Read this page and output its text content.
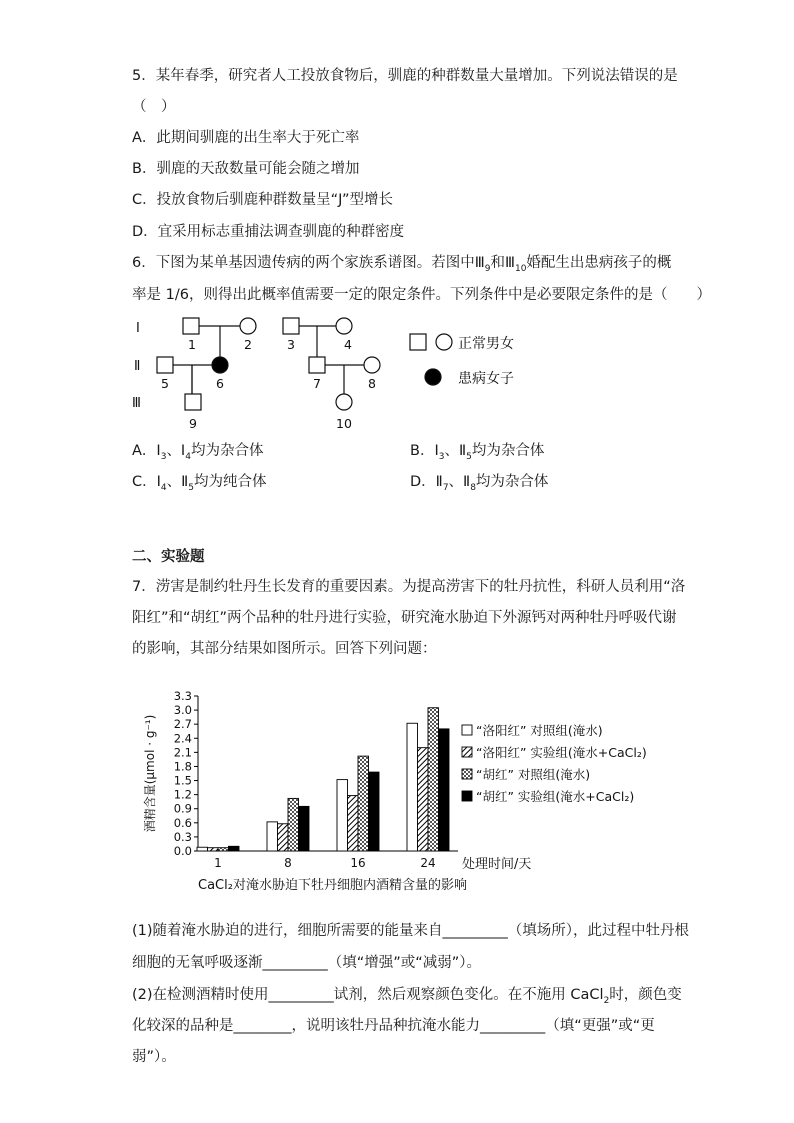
5．某年春季，研究者人工投放食物后，驯鹿的种群数量大量增加。下列说法错误的是
（　）
A．此期间驯鹿的出生率大于死亡率
B．驯鹿的天敌数量可能会随之增加
C．投放食物后驯鹿种群数量呈“J”型增长
D．宜采用标志重捕法调查驯鹿的种群密度
6．下图为某单基因遗传病的两个家族系谱图。若图中$Ⅲ_9$和$Ⅲ_{10}$婚配生出患病孩子的概
率是 1/6，则得出此概率值需要一定的限定条件。下列条件中是必要限定条件的是（　　）
Ⅰ
Ⅱ
Ⅲ
1	2	3	4
5	6	7	8
9	10
正常男女
患病女子
A．$I_3$、$I_4$均为杂合体	B．$I_3$、$Ⅱ_5$均为杂合体
C．$I_4$、$Ⅱ_5$均为纯合体	D．$Ⅱ_7$、$Ⅱ_8$均为杂合体
二、实验题
7．涝害是制约牡丹生长发育的重要因素。为提高涝害下的牡丹抗性，科研人员利用“洛
阳红”和“胡红”两个品种的牡丹进行实验，研究淹水胁迫下外源钙对两种牡丹呼吸代谢
的影响，其部分结果如图所示。回答下列问题：
0.0
0.3
0.6
0.9
1.2
1.5
1.8
2.1
2.4
2.7
3.0
3.3
酒精含量(μmol · g⁻¹)
1	8	16	24 处理时间/天
CaCl₂对淹水胁迫下牡丹细胞内酒精含量的影响
“洛阳红” 对照组(淹水)
“洛阳红” 实验组(淹水+CaCl₂)
“胡红” 对照组(淹水)
“胡红” 实验组(淹水+CaCl₂)
(1)随着淹水胁迫的进行，细胞所需要的能量来自_________（填场所），此过程中牡丹根
细胞的无氧呼吸逐渐_________（填“增强”或“减弱”）。
(2)在检测酒精时使用_________试剂，然后观察颜色变化。在不施用 CaCl$_2$时，颜色变
化较深的品种是________，说明该牡丹品种抗淹水能力_________（填“更强”或“更
弱”）。
